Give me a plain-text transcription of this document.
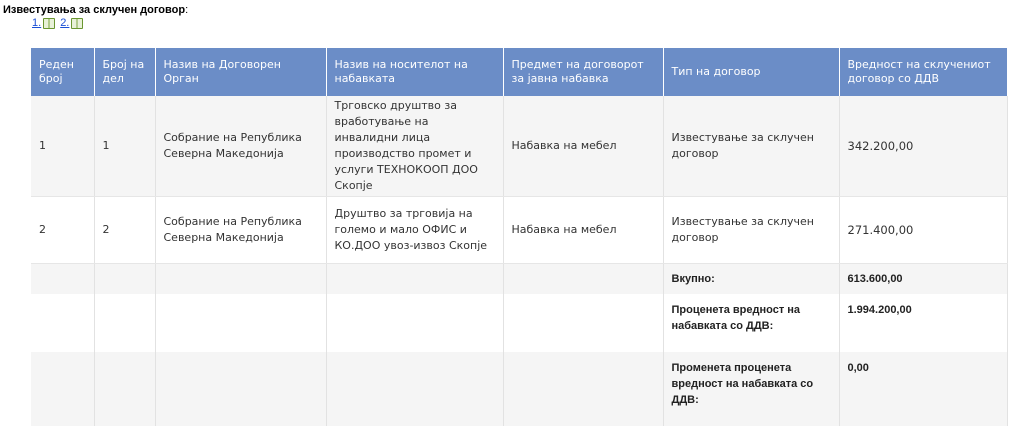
Известувања за склучен договор:
1. 2.
Реден број	Број на дел	Назив на Договорен Орган	Назив на носителот на набавката	Предмет на договорот за јавна набавка	Тип на договор	Вредност на склучениот договор со ДДВ
1	1	Собрание на Република Северна Македонија	Трговско друштво за вработување на инвалидни лица производство промет и услуги ТЕХНОКООП ДОО Скопје	Набавка на мебел	Известување за склучен договор	342.200,00
2	2	Собрание на Република Северна Македонија	Друштво за трговија на големо и мало ОФИС и КО.ДОО увоз-извоз Скопје	Набавка на мебел	Известување за склучен договор	271.400,00
					Вкупно:	613.600,00
					Проценета вредност на набавката со ДДВ:	1.994.200,00
					Променета проценета вредност на набавката со ДДВ:	0,00
